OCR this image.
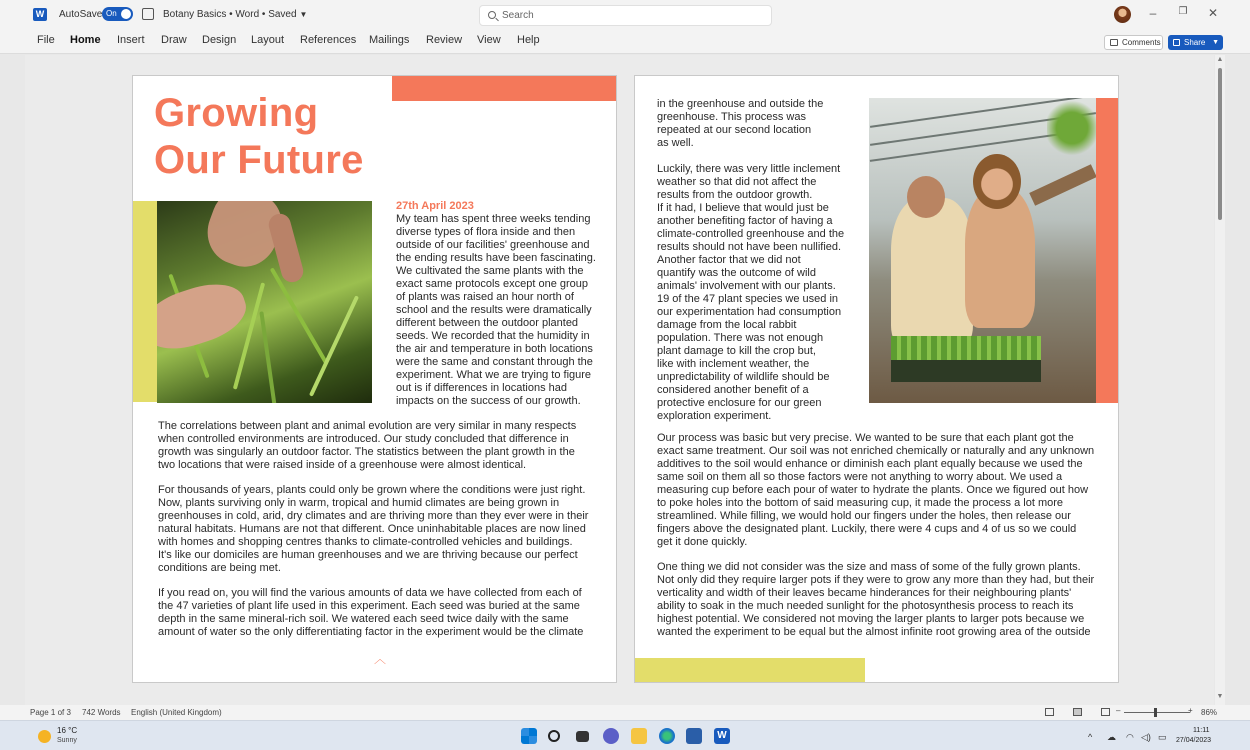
W AutoSave On	Botany Basics • Word • Saved ▼	Search	–	❐	✕
File Home Insert Draw Design Layout References Mailings Review View Help	Comments	Share ▼
Growing
Our Future
27th April 2023
My team has spent three weeks tending
diverse types of flora inside and then
outside of our facilities' greenhouse and
the ending results have been fascinating.
We cultivated the same plants with the
exact same protocols except one group
of plants was raised an hour north of
school and the results were dramatically
different between the outdoor planted
seeds. We recorded that the humidity in
the air and temperature in both locations
were the same and constant through the
experiment. What we are trying to figure
out is if differences in locations had
impacts on the success of our growth.
The correlations between plant and animal evolution are very similar in many respects
when controlled environments are introduced. Our study concluded that difference in
growth was singularly an outdoor factor. The statistics between the plant growth in the
two locations that were raised inside of a greenhouse were almost identical.
For thousands of years, plants could only be grown where the conditions were just right.
Now, plants surviving only in warm, tropical and humid climates are being grown in
greenhouses in cold, arid, dry climates and are thriving more than they ever were in their
natural habitats. Humans are not that different. Once uninhabitable places are now lined
with homes and shopping centres thanks to climate-controlled vehicles and buildings.
It's like our domiciles are human greenhouses and we are thriving because our perfect
conditions are being met.
If you read on, you will find the various amounts of data we have collected from each of
the 47 varieties of plant life used in this experiment. Each seed was buried at the same
depth in the same mineral-rich soil. We watered each seed twice daily with the same
amount of water so the only differentiating factor in the experiment would be the climate
︿
in the greenhouse and outside the
greenhouse. This process was
repeated at our second location
as well.
Luckily, there was very little inclement
weather so that did not affect the
results from the outdoor growth.
If it had, I believe that would just be
another benefiting factor of having a
climate-controlled greenhouse and the
results should not have been nullified.
Another factor that we did not
quantify was the outcome of wild
animals' involvement with our plants.
19 of the 47 plant species we used in
our experimentation had consumption
damage from the local rabbit
population. There was not enough
plant damage to kill the crop but,
like with inclement weather, the
unpredictability of wildlife should be
considered another benefit of a
protective enclosure for our green
exploration experiment.
Our process was basic but very precise. We wanted to be sure that each plant got the
exact same treatment. Our soil was not enriched chemically or naturally and any unknown
additives to the soil would enhance or diminish each plant equally because we used the
same soil on them all so those factors were not anything to worry about. We used a
measuring cup before each pour of water to hydrate the plants. Once we figured out how
to poke holes into the bottom of said measuring cup, it made the process a lot more
streamlined. While filling, we would hold our fingers under the holes, then release our
fingers above the designated plant. Luckily, there were 4 cups and 4 of us so we could
get it done quickly.
One thing we did not consider was the size and mass of some of the fully grown plants.
Not only did they require larger pots if they were to grow any more than they had, but their
verticality and width of their leaves became hinderances for their neighbouring plants'
ability to soak in the much needed sunlight for the photosynthesis process to reach its
highest potential. We considered not moving the larger plants to larger pots because we
wanted the experiment to be equal but the almost infinite root growing area of the outside
▲
▼
Page 1 of 3 742 Words English (United Kingdom)	–	+ 86%
16 °C
Sunny	W	^ ☁ ◠ ◁) ▭
11:11
27/04/2023
